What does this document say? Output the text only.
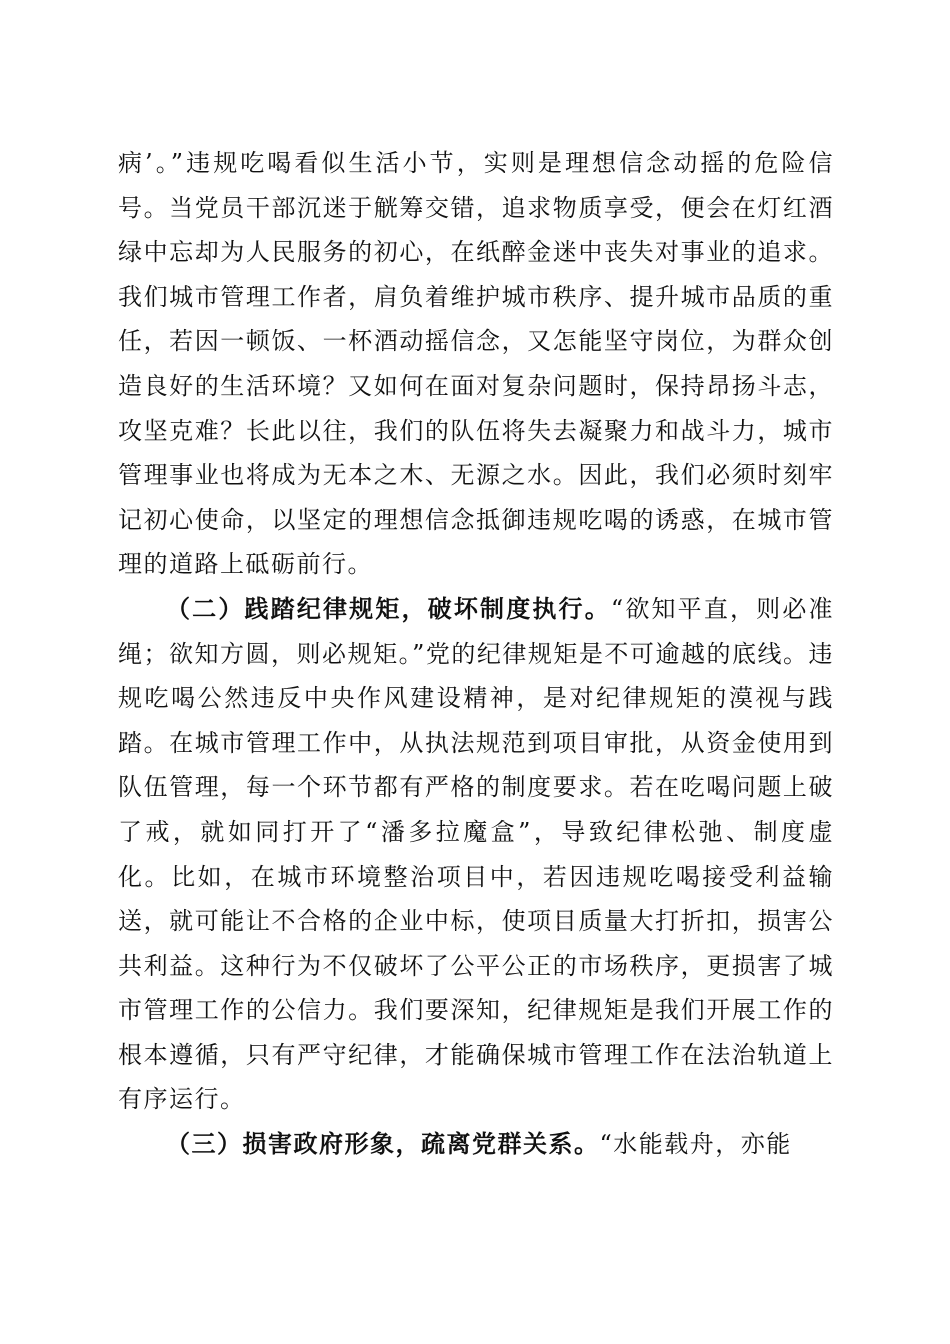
病’。”违规吃喝看似生活小节，实则是理想信念动摇的危险信号。当党员干部沉迷于觥筹交错，追求物质享受，便会在灯红酒绿中忘却为人民服务的初心，在纸醉金迷中丧失对事业的追求。我们城市管理工作者，肩负着维护城市秩序、提升城市品质的重任，若因一顿饭、一杯酒动摇信念，又怎能坚守岗位，为群众创造良好的生活环境？又如何在面对复杂问题时，保持昂扬斗志，攻坚克难？长此以往，我们的队伍将失去凝聚力和战斗力，城市管理事业也将成为无本之木、无源之水。因此，我们必须时刻牢记初心使命，以坚定的理想信念抵御违规吃喝的诱惑，在城市管理的道路上砥砺前行。

（二）践踏纪律规矩，破坏制度执行。“欲知平直，则必准绳；欲知方圆，则必规矩。”党的纪律规矩是不可逾越的底线。违规吃喝公然违反中央作风建设精神，是对纪律规矩的漠视与践踏。在城市管理工作中，从执法规范到项目审批，从资金使用到队伍管理，每一个环节都有严格的制度要求。若在吃喝问题上破了戒，就如同打开了“潘多拉魔盒”，导致纪律松弛、制度虚化。比如，在城市环境整治项目中，若因违规吃喝接受利益输送，就可能让不合格的企业中标，使项目质量大打折扣，损害公共利益。这种行为不仅破坏了公平公正的市场秩序，更损害了城市管理工作的公信力。我们要深知，纪律规矩是我们开展工作的根本遵循，只有严守纪律，才能确保城市管理工作在法治轨道上有序运行。

（三）损害政府形象，疏离党群关系。“水能载舟，亦能
